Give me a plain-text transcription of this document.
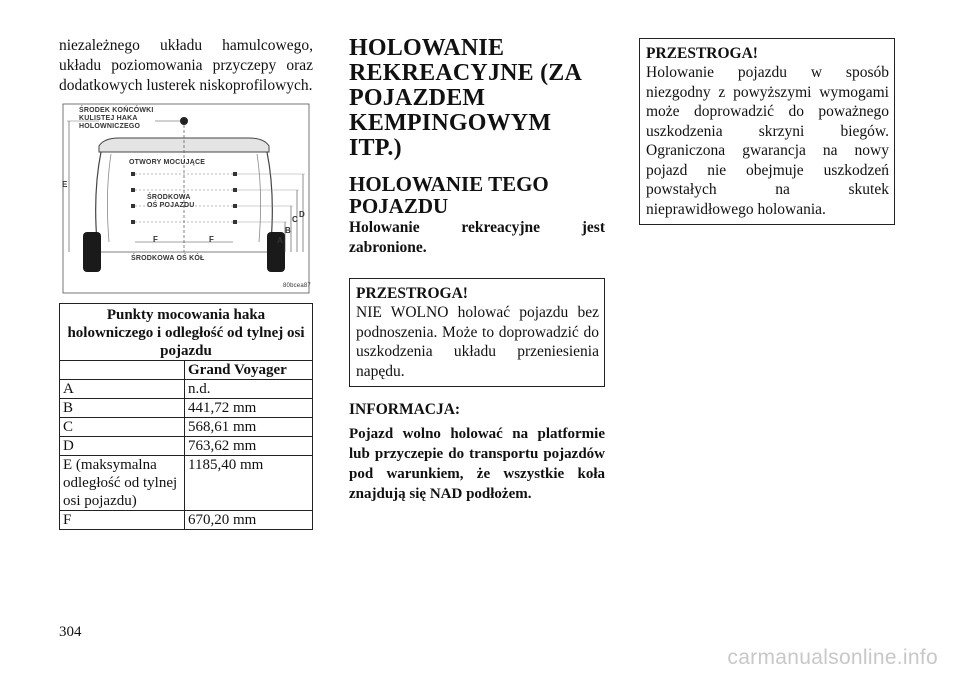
niezależnego układu hamulcowego, układu poziomowania przyczepy oraz dodatkowych lusterek niskoprofilowych.

ŚRODEK KOŃCÓWKI
KULISTEJ HAKA
HOLOWNICZEGO
OTWORY MOCUJĄCE
ŚRODKOWA
OŚ POJAZDU
ŚRODKOWA OŚ KÓŁ
80bcea87
E
F	F	A
B
C
D
Punkty mocowania haka holowniczego i odległość od tylnej osi pojazdu	
	Grand Voyager
A	n.d.
B	441,72 mm
C	568,61 mm
D	763,62 mm
E (maksymalna odległość od tylnej osi pojazdu)	1185,40 mm
F	670,20 mm
HOLOWANIE REKREACYJNE (ZA POJAZDEM KEMPINGOWYM ITP.)
HOLOWANIE TEGO POJAZDU

Holowanie rekreacyjne jest zabronione.

PRZESTROGA!
NIE WOLNO holować pojazdu bez podnoszenia. Może to doprowadzić do uszkodzenia układu przeniesienia napędu.
INFORMACJA:
Pojazd wolno holować na platformie lub przyczepie do transportu pojazdów pod warunkiem, że wszystkie koła znajdują się NAD podłożem.
PRZESTROGA!
Holowanie pojazdu w sposób niezgodny z powyższymi wymogami może doprowadzić do poważnego uszkodzenia skrzyni biegów. Ograniczona gwarancja na nowy pojazd nie obejmuje uszkodzeń powstałych na skutek nieprawidłowego holowania.
304
carmanualsonline.info
